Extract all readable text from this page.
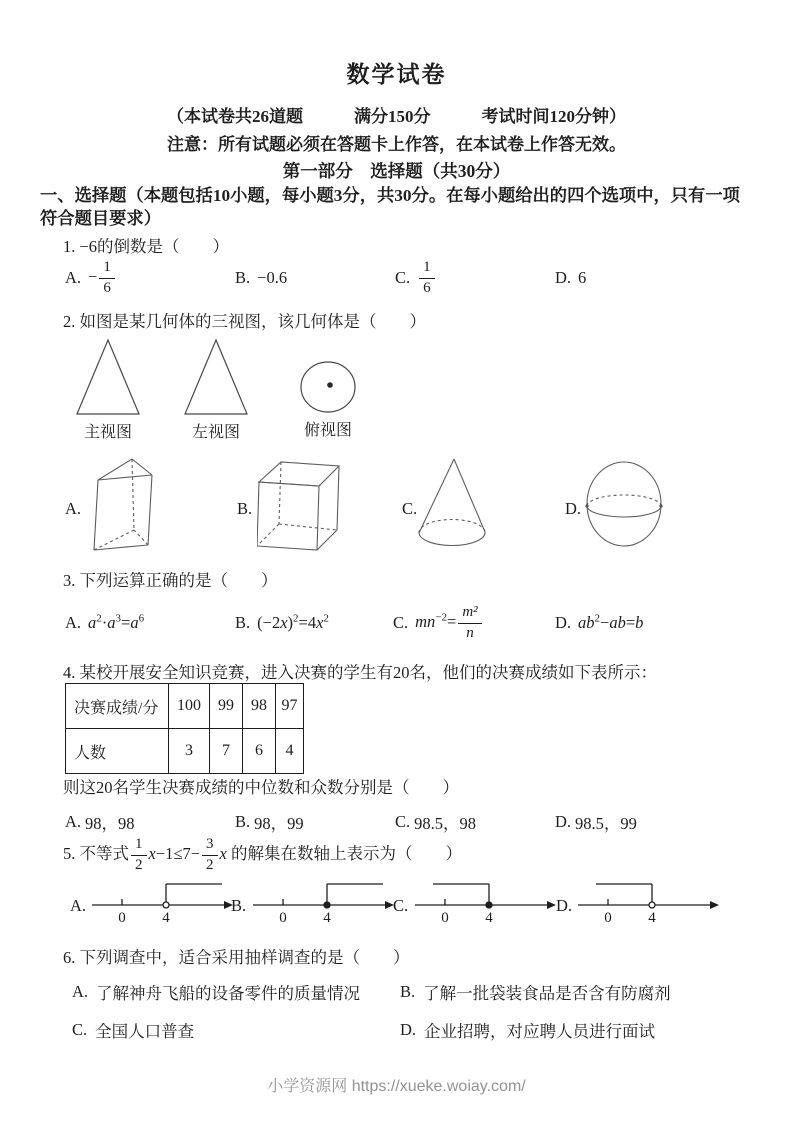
数学试卷
（本试卷共26道题　　　满分150分　　　考试时间120分钟）
注意：所有试题必须在答题卡上作答，在本试卷上作答无效。
第一部分　选择题（共30分）
一、选择题（本题包括10小题，每小题3分，共30分。在每小题给出的四个选项中，只有一项符合题目要求）
1. −6的倒数是（　　）
A. − $\frac{1}{6}$	B. −0.6	C. $\frac{1}{6}$	D. 6
2. 如图是某几何体的三视图，该几何体是（　　）
主视图	左视图	俯视图
A.	B.	C.	D.
3. 下列运算正确的是（　　）
A. $a^2\cdot a^3=a^6$	B. $(-2x)^2=4x^2$	C. $mn^{-2}= \frac{\text{m²}}{n}$	D. $ab^2-ab=b$
4. 某校开展安全知识竞赛，进入决赛的学生有20名，他们的决赛成绩如下表所示：
决赛成绩/分	100	99	98	97
人数	3	7	6	4
则这20名学生决赛成绩的中位数和众数分别是（　　）
A. 98，98	B. 98，99	C. 98.5，98	D. 98.5，99
5. 不等式 $\frac{1}{2} x-1\le 7- \frac{3}{2}$ x 的解集在数轴上表示为（　　）
A.
0 4
B.
0 4
C.
0 4
D.
0 4
6. 下列调查中，适合采用抽样调查的是（　　）
A. 了解神舟飞船的设备零件的质量情况 B. 了解一批袋装食品是否含有防腐剂
C. 全国人口普查	D. 企业招聘，对应聘人员进行面试
小学资源网 https://xueke.woiay.com/
